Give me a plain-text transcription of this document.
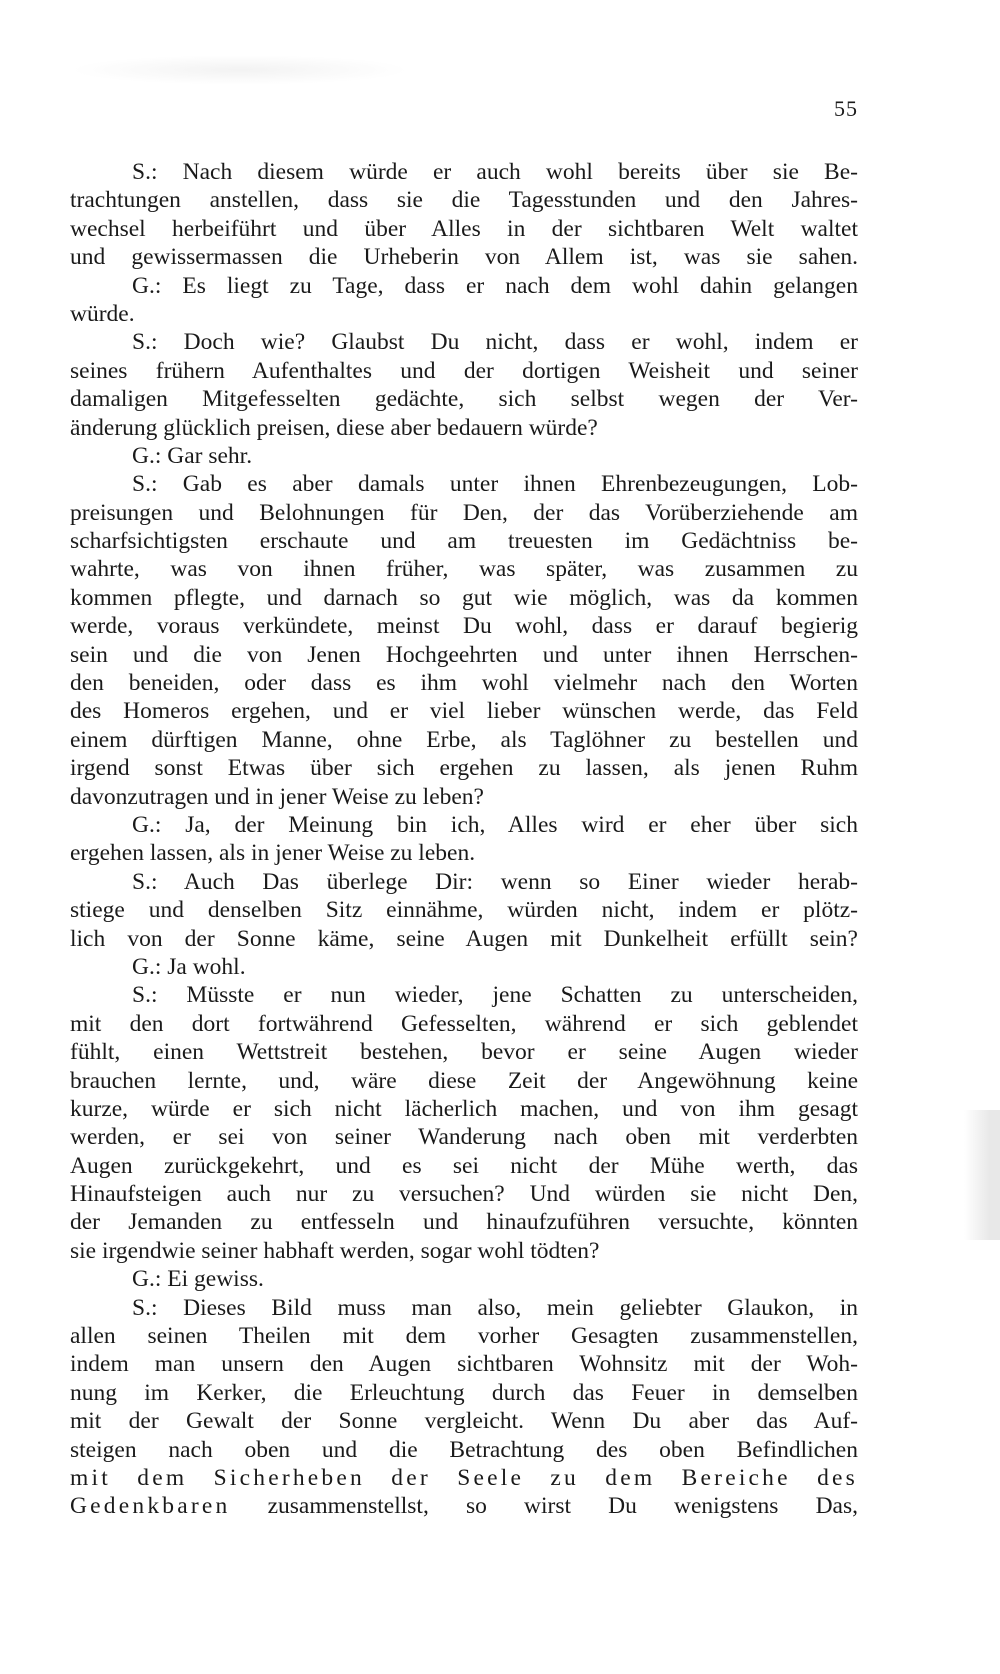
55
S.: Nach diesem würde er auch wohl bereits über sie Be-
trachtungen anstellen, dass sie die Tagesstunden und den Jahres-
wechsel herbeiführt und über Alles in der sichtbaren Welt waltet
und gewissermassen die Urheberin von Allem ist, was sie sahen.
G.: Es liegt zu Tage, dass er nach dem wohl dahin gelangen
würde.
S.: Doch wie? Glaubst Du nicht, dass er wohl, indem er
seines frühern Aufenthaltes und der dortigen Weisheit und seiner
damaligen Mitgefesselten gedächte, sich selbst wegen der Ver-
änderung glücklich preisen, diese aber bedauern würde?
G.: Gar sehr.
S.: Gab es aber damals unter ihnen Ehrenbezeugungen, Lob-
preisungen und Belohnungen für Den, der das Vorüberziehende am
scharfsichtigsten erschaute und am treuesten im Gedächtniss be-
wahrte, was von ihnen früher, was später, was zusammen zu
kommen pflegte, und darnach so gut wie möglich, was da kommen
werde, voraus verkündete, meinst Du wohl, dass er darauf begierig
sein und die von Jenen Hochgeehrten und unter ihnen Herrschen-
den beneiden, oder dass es ihm wohl vielmehr nach den Worten
des Homeros ergehen, und er viel lieber wünschen werde, das Feld
einem dürftigen Manne, ohne Erbe, als Taglöhner zu bestellen und
irgend sonst Etwas über sich ergehen zu lassen, als jenen Ruhm
davonzutragen und in jener Weise zu leben?
G.: Ja, der Meinung bin ich, Alles wird er eher über sich
ergehen lassen, als in jener Weise zu leben.
S.: Auch Das überlege Dir: wenn so Einer wieder herab-
stiege und denselben Sitz einnähme, würden nicht, indem er plötz-
lich von der Sonne käme, seine Augen mit Dunkelheit erfüllt sein?
G.: Ja wohl.
S.: Müsste er nun wieder, jene Schatten zu unterscheiden,
mit den dort fortwährend Gefesselten, während er sich geblendet
fühlt, einen Wettstreit bestehen, bevor er seine Augen wieder
brauchen lernte, und, wäre diese Zeit der Angewöhnung keine
kurze, würde er sich nicht lächerlich machen, und von ihm gesagt
werden, er sei von seiner Wanderung nach oben mit verderbten
Augen zurückgekehrt, und es sei nicht der Mühe werth, das
Hinaufsteigen auch nur zu versuchen? Und würden sie nicht Den,
der Jemanden zu entfesseln und hinaufzuführen versuchte, könnten
sie irgendwie seiner habhaft werden, sogar wohl tödten?
G.: Ei gewiss.
S.: Dieses Bild muss man also, mein geliebter Glaukon, in
allen seinen Theilen mit dem vorher Gesagten zusammenstellen,
indem man unsern den Augen sichtbaren Wohnsitz mit der Woh-
nung im Kerker, die Erleuchtung durch das Feuer in demselben
mit der Gewalt der Sonne vergleicht. Wenn Du aber das Auf-
steigen nach oben und die Betrachtung des oben Befindlichen
mit dem Sicherheben der Seele zu dem Bereiche des
Gedenkbaren zusammenstellst, so wirst Du wenigstens Das,
